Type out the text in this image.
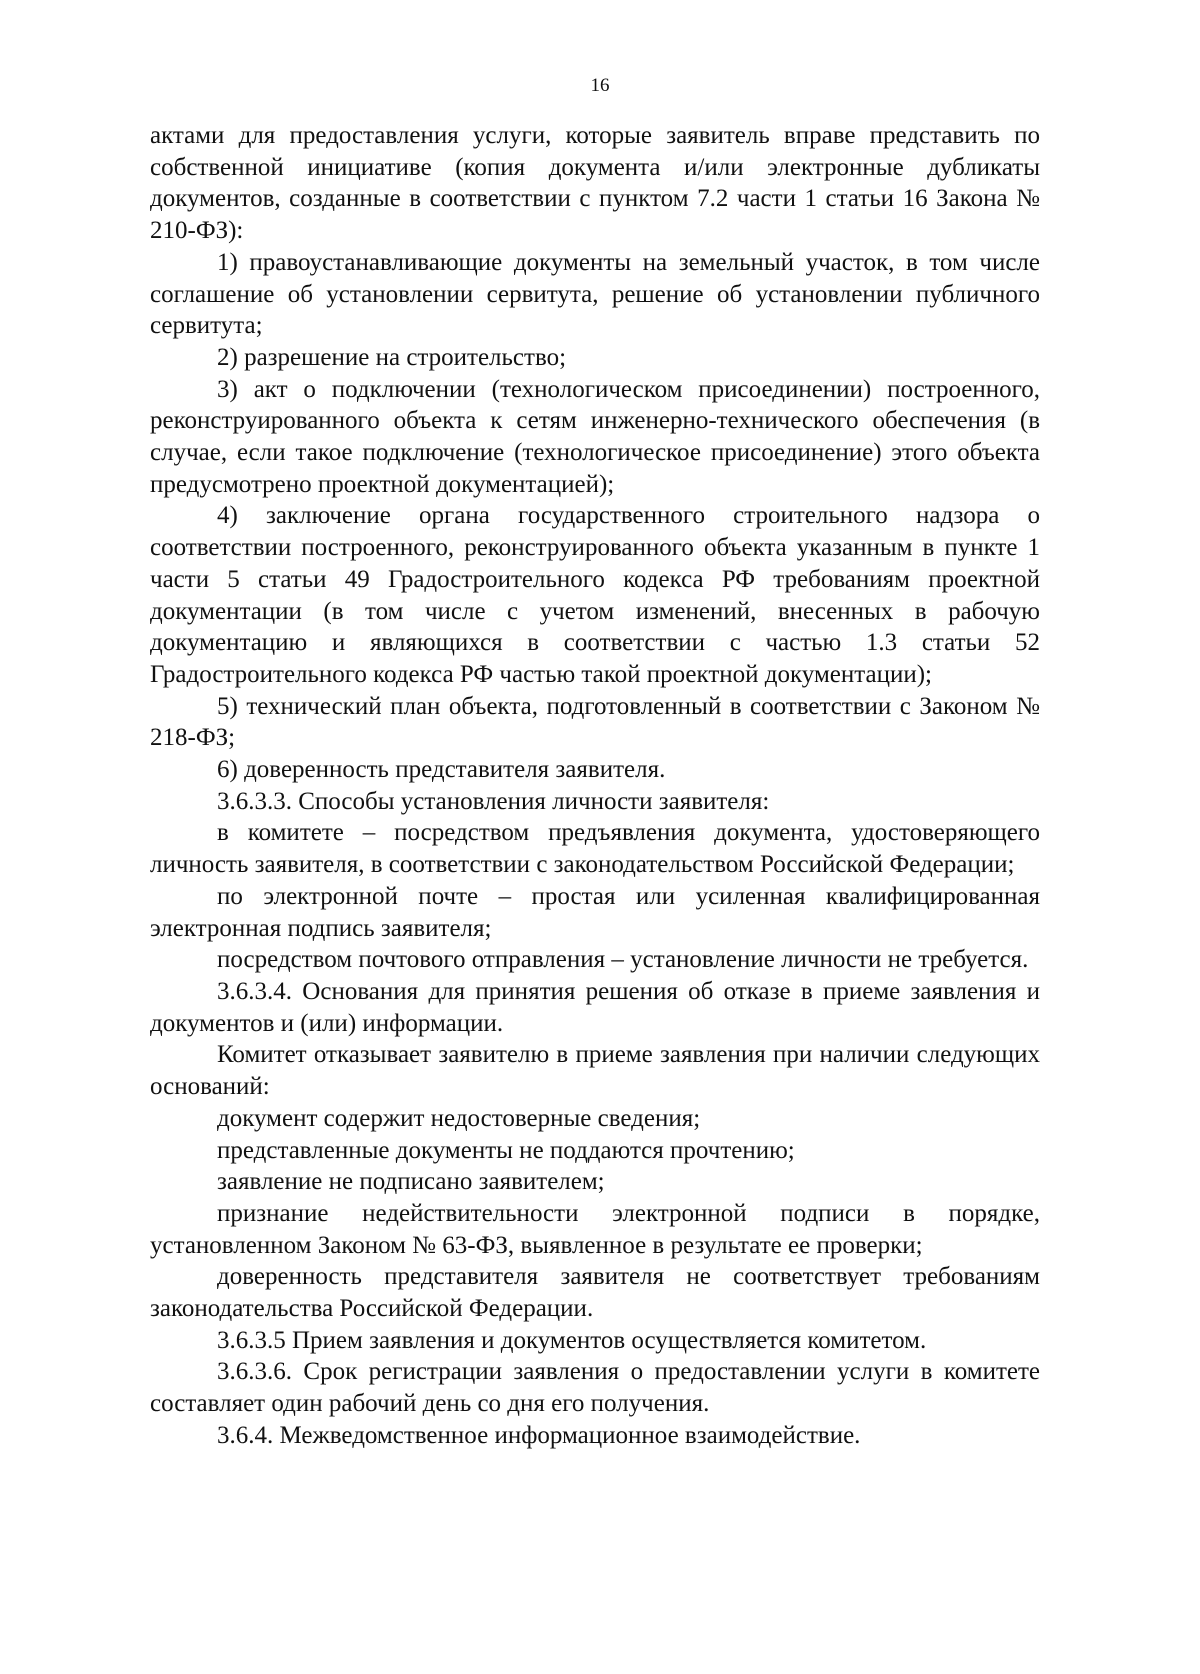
16

актами для предоставления услуги, которые заявитель вправе представить по собственной инициативе (копия документа и/или электронные дубликаты документов, созданные в соответствии с пунктом 7.2 части 1 статьи 16 Закона № 210-ФЗ):

1) правоустанавливающие документы на земельный участок, в том числе соглашение об установлении сервитута, решение об установлении публичного сервитута;

2) разрешение на строительство;

3) акт о подключении (технологическом присоединении) построенного, реконструированного объекта к сетям инженерно-технического обеспечения (в случае, если такое подключение (технологическое присоединение) этого объекта предусмотрено проектной документацией);

4) заключение органа государственного строительного надзора о соответствии построенного, реконструированного объекта указанным в пункте 1 части 5 статьи 49 Градостроительного кодекса РФ требованиям проектной документации (в том числе с учетом изменений, внесенных в рабочую документацию и являющихся в соответствии с частью 1.3 статьи 52 Градостроительного кодекса РФ частью такой проектной документации);

5) технический план объекта, подготовленный в соответствии с Законом № 218-ФЗ;

6) доверенность представителя заявителя.

3.6.3.3. Способы установления личности заявителя:

в комитете – посредством предъявления документа, удостоверяющего личность заявителя, в соответствии с законодательством Российской Федерации;

по электронной почте – простая или усиленная квалифицированная электронная подпись заявителя;

посредством почтового отправления – установление личности не требуется.

3.6.3.4. Основания для принятия решения об отказе в приеме заявления и документов и (или) информации.

Комитет отказывает заявителю в приеме заявления при наличии следующих оснований:

документ содержит недостоверные сведения;

представленные документы не поддаются прочтению;

заявление не подписано заявителем;

признание недействительности электронной подписи в порядке, установленном Законом № 63-ФЗ, выявленное в результате ее проверки;

доверенность представителя заявителя не соответствует требованиям законодательства Российской Федерации.

3.6.3.5 Прием заявления и документов осуществляется комитетом.

3.6.3.6. Срок регистрации заявления о предоставлении услуги в комитете составляет один рабочий день со дня его получения.

3.6.4. Межведомственное информационное взаимодействие.
